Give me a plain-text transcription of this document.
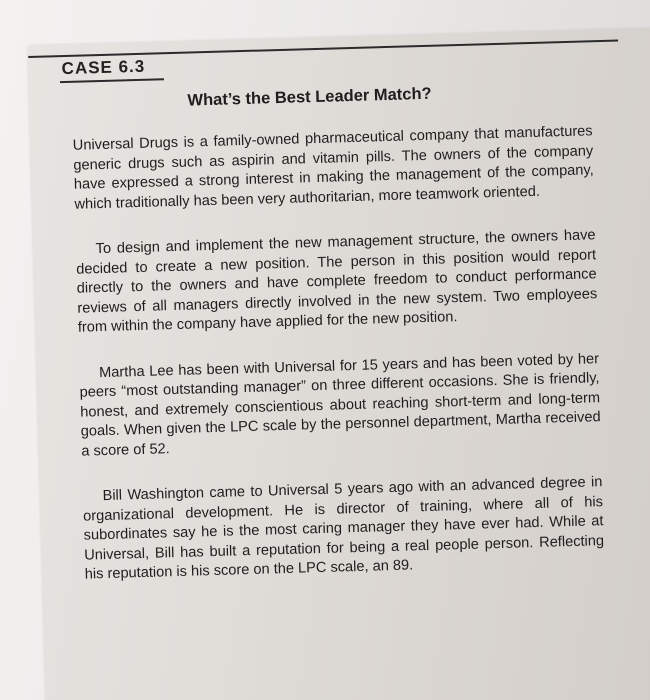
CASE 6.3
What’s the Best Leader Match?

Universal Drugs is a family-owned pharmaceutical company that manufactures generic drugs such as aspirin and vitamin pills. The owners of the company have expressed a strong interest in making the management of the company, which traditionally has been very authoritarian, more teamwork oriented.

To design and implement the new management structure, the owners have decided to create a new position. The person in this position would report directly to the owners and have complete freedom to conduct performance reviews of all managers directly involved in the new system. Two employees from within the company have applied for the new position.

Martha Lee has been with Universal for 15 years and has been voted by her peers “most outstanding manager” on three different occasions. She is friendly, honest, and extremely conscientious about reaching short-term and long-term goals. When given the LPC scale by the personnel department, Martha received a score of 52.

Bill Washington came to Universal 5 years ago with an advanced degree in organizational development. He is director of training, where all of his subordinates say he is the most caring manager they have ever had. While at Universal, Bill has built a reputation for being a real people person. Reflecting his reputation is his score on the LPC scale, an 89.
